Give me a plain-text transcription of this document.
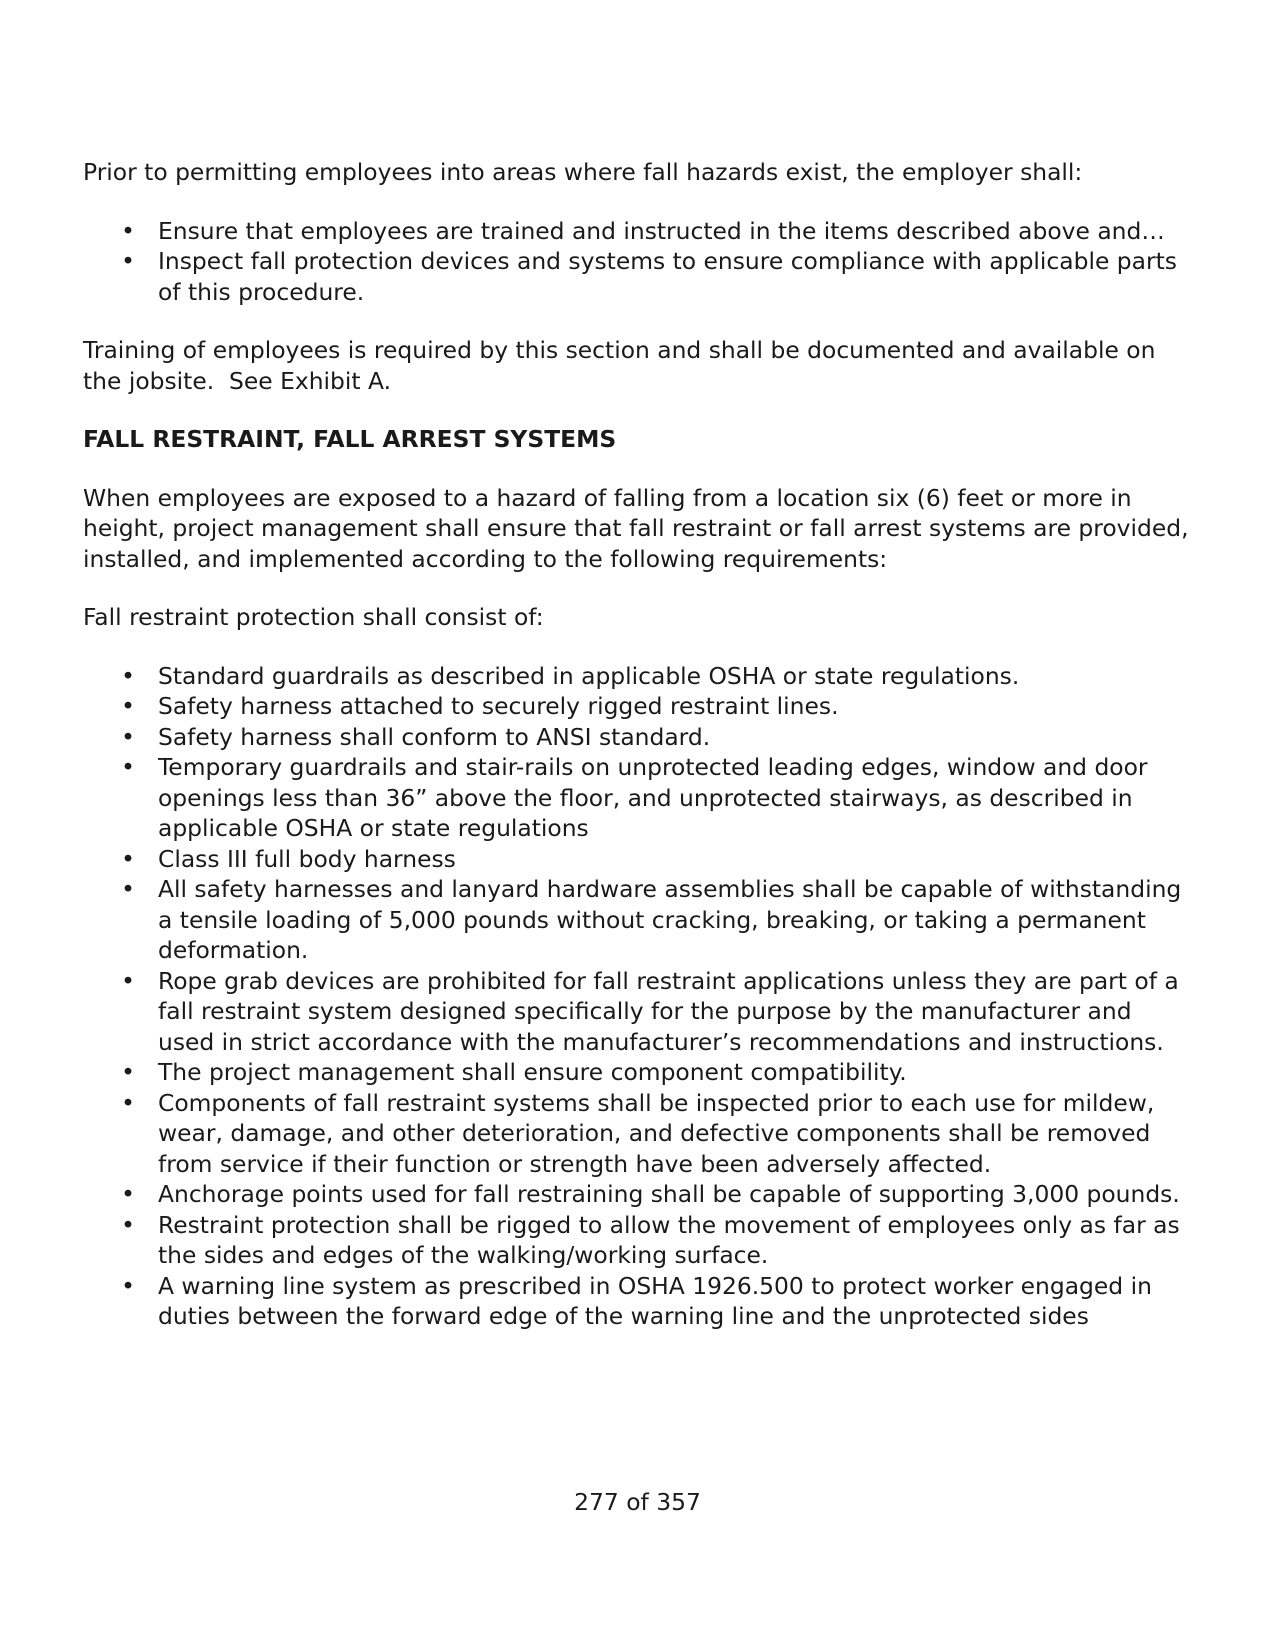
Prior to permitting employees into areas where fall hazards exist, the employer shall:

• Ensure that employees are trained and instructed in the items described above and…
• Inspect fall protection devices and systems to ensure compliance with applicable parts of this procedure.

Training of employees is required by this section and shall be documented and available on the jobsite.  See Exhibit A.

FALL RESTRAINT, FALL ARREST SYSTEMS

When employees are exposed to a hazard of falling from a location six (6) feet or more in height, project management shall ensure that fall restraint or fall arrest systems are provided, installed, and implemented according to the following requirements:

Fall restraint protection shall consist of:

• Standard guardrails as described in applicable OSHA or state regulations.
• Safety harness attached to securely rigged restraint lines.
• Safety harness shall conform to ANSI standard.
• Temporary guardrails and stair-rails on unprotected leading edges, window and door openings less than 36” above the floor, and unprotected stairways, as described in applicable OSHA or state regulations
• Class III full body harness
• All safety harnesses and lanyard hardware assemblies shall be capable of withstanding a tensile loading of 5,000 pounds without cracking, breaking, or taking a permanent deformation.
• Rope grab devices are prohibited for fall restraint applications unless they are part of a fall restraint system designed specifically for the purpose by the manufacturer and used in strict accordance with the manufacturer’s recommendations and instructions.
• The project management shall ensure component compatibility.
• Components of fall restraint systems shall be inspected prior to each use for mildew, wear, damage, and other deterioration, and defective components shall be removed from service if their function or strength have been adversely affected.
• Anchorage points used for fall restraining shall be capable of supporting 3,000 pounds.
• Restraint protection shall be rigged to allow the movement of employees only as far as the sides and edges of the walking/working surface.
• A warning line system as prescribed in OSHA 1926.500 to protect worker engaged in duties between the forward edge of the warning line and the unprotected sides
277 of 357
